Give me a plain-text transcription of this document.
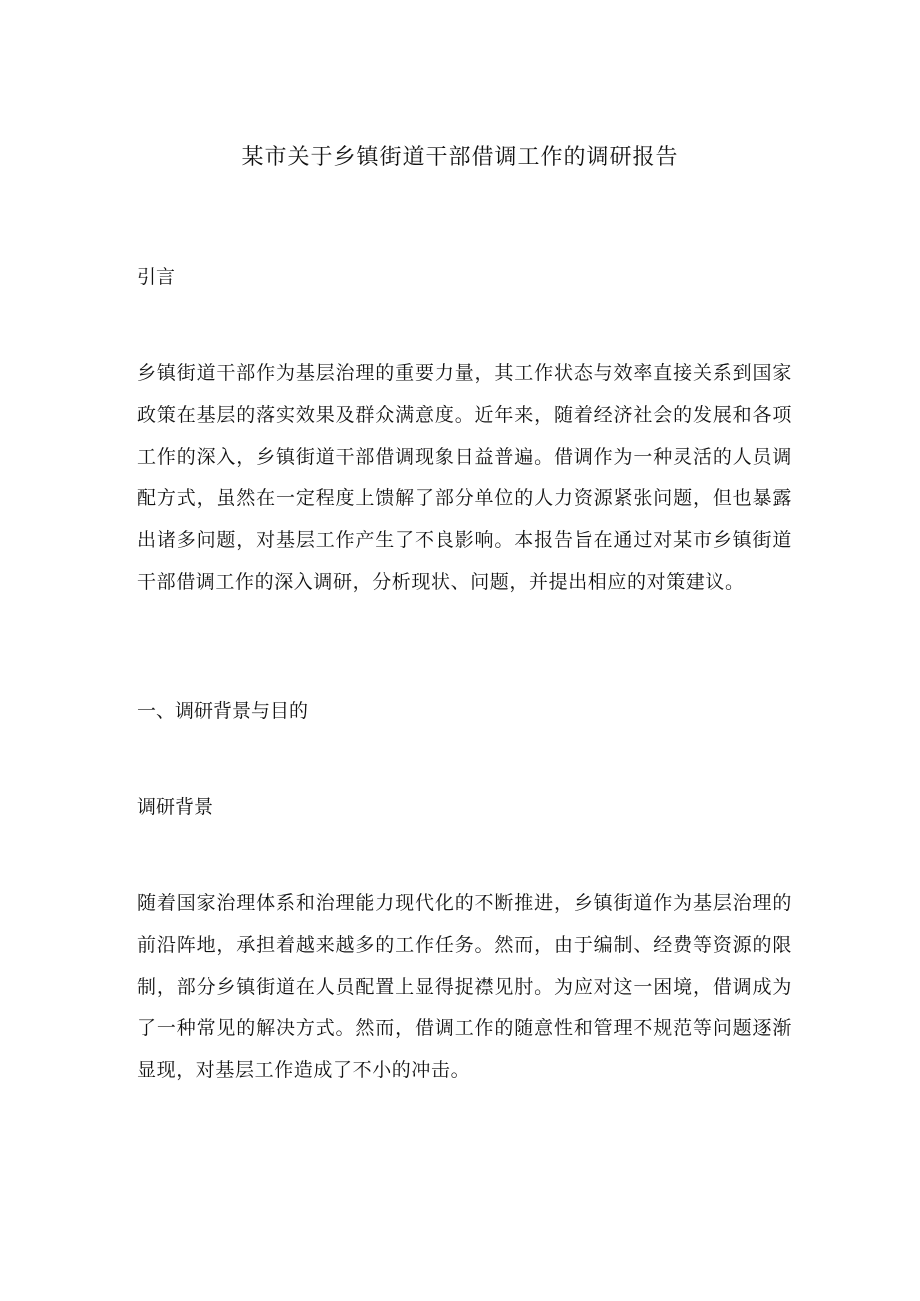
某市关于乡镇街道干部借调工作的调研报告
引言

乡镇街道干部作为基层治理的重要力量，其工作状态与效率直接关系到国家政策在基层的落实效果及群众满意度。近年来，随着经济社会的发展和各项工作的深入，乡镇街道干部借调现象日益普遍。借调作为一种灵活的人员调配方式，虽然在一定程度上馈解了部分单位的人力资源紧张问题，但也暴露出诸多问题，对基层工作产生了不良影响。本报告旨在通过对某市乡镇街道干部借调工作的深入调研，分析现状、问题，并提出相应的对策建议。

一、调研背景与目的
调研背景

随着国家治理体系和治理能力现代化的不断推进，乡镇街道作为基层治理的前沿阵地，承担着越来越多的工作任务。然而，由于编制、经费等资源的限制，部分乡镇街道在人员配置上显得捉襟见肘。为应对这一困境，借调成为了一种常见的解决方式。然而，借调工作的随意性和管理不规范等问题逐渐显现，对基层工作造成了不小的冲击。
